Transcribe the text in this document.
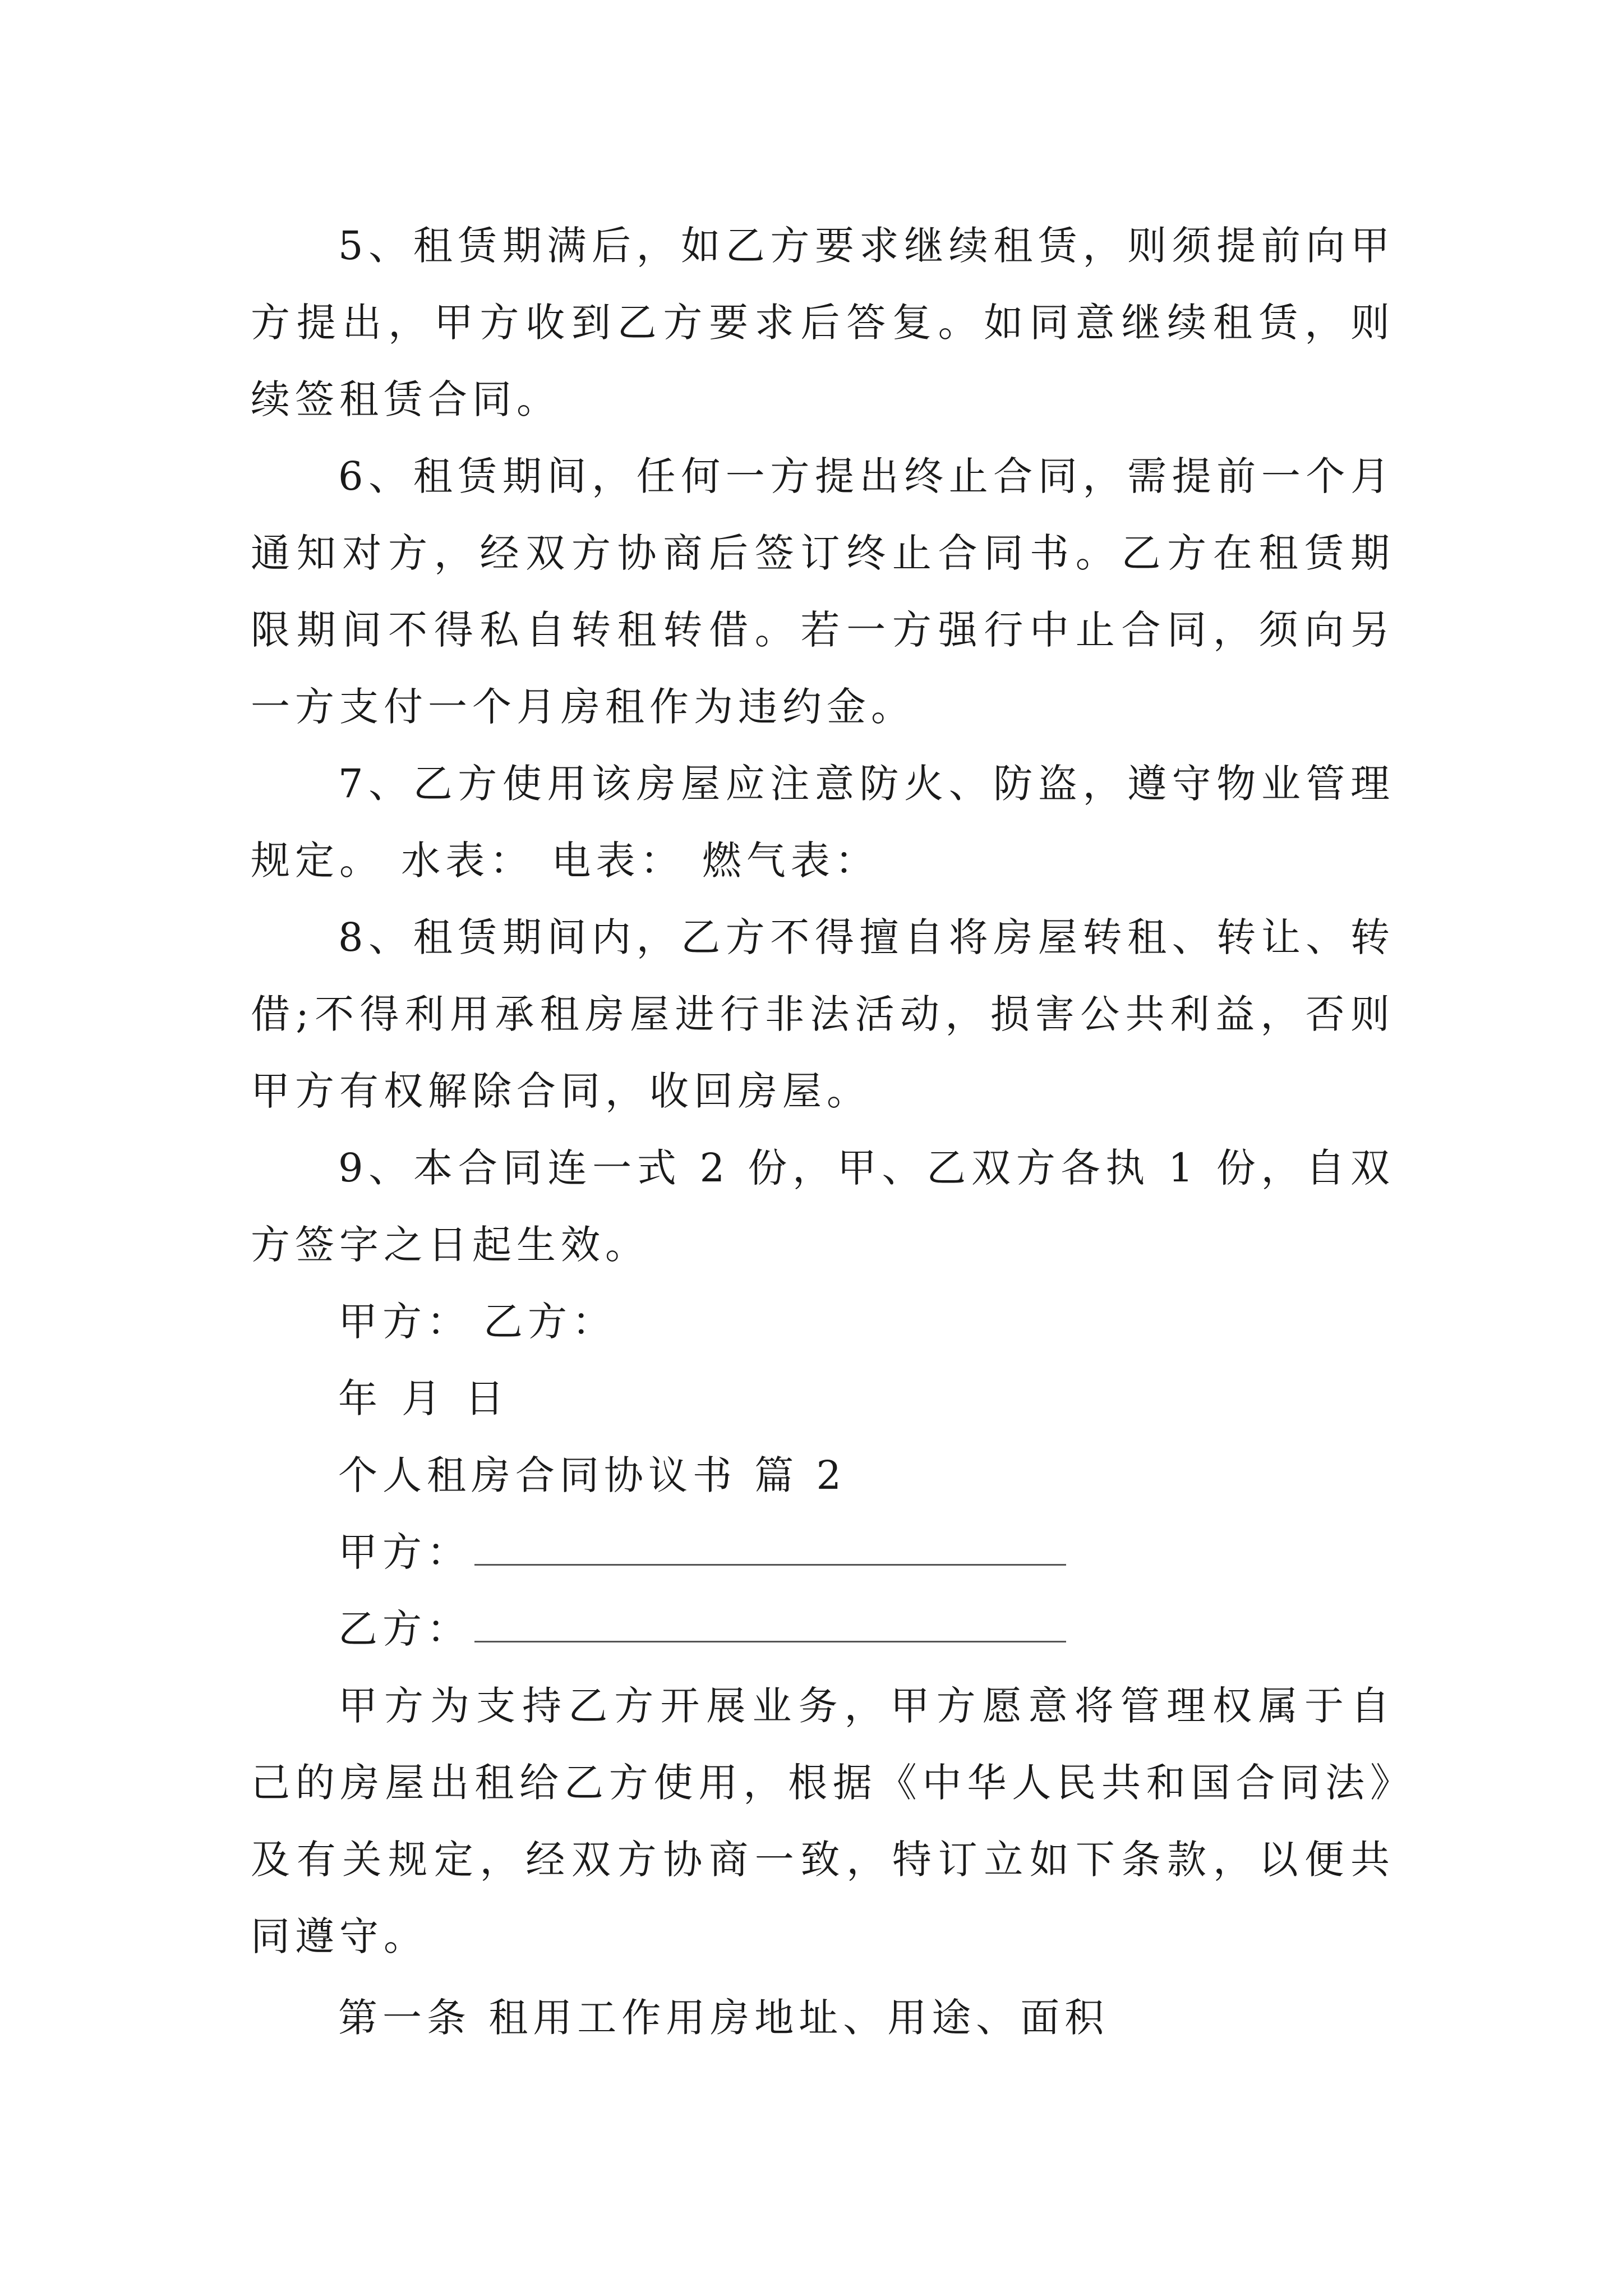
5、租赁期满后，如乙方要求继续租赁，则须提前向甲方提出，甲方收到乙方要求后答复。如同意继续租赁，则续签租赁合同。

6、租赁期间，任何一方提出终止合同，需提前一个月通知对方，经双方协商后签订终止合同书。乙方在租赁期限期间不得私自转租转借。若一方强行中止合同，须向另一方支付一个月房租作为违约金。

7、乙方使用该房屋应注意防火、防盗，遵守物业管理规定。 水表： 电表： 燃气表：

8、租赁期间内，乙方不得擅自将房屋转租、转让、转借;不得利用承租房屋进行非法活动，损害公共利益，否则甲方有权解除合同，收回房屋。

9、本合同连一式 2 份，甲、乙双方各执 1 份，自双方签字之日起生效。

甲方： 乙方：

年 月 日

个人租房合同协议书 篇 2

甲方：

乙方：

甲方为支持乙方开展业务，甲方愿意将管理权属于自己的房屋出租给乙方使用，根据《中华人民共和国合同法》及有关规定，经双方协商一致，特订立如下条款，以便共同遵守。

第一条 租用工作用房地址、用途、面积
